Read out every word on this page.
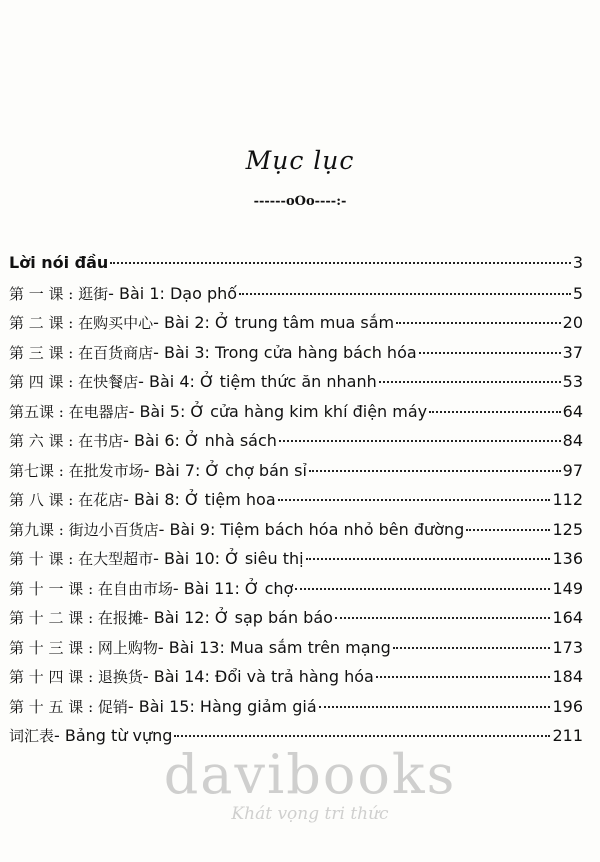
Mục lục
------oOo----:-
Lời nói đầu	3
第 一 课 : 逛街 - Bài 1: Dạo phố	5
第 二 课 : 在购买中心 - Bài 2: Ở trung tâm mua sắm	20
第 三 课 : 在百货商店 - Bài 3: Trong cửa hàng bách hóa	37
第 四 课 : 在快餐店 - Bài 4: Ở tiệm thức ăn nhanh	53
第五课 : 在电器店 - Bài 5: Ở cửa hàng kim khí điện máy	64
第 六 课 : 在书店 - Bài 6: Ở nhà sách	84
第七课 : 在批发市场 - Bài 7: Ở chợ bán sỉ	97
第 八 课 : 在花店 - Bài 8: Ở tiệm hoa	112
第九课 : 街边小百货店 - Bài 9: Tiệm bách hóa nhỏ bên đường	125
第 十 课 : 在大型超市 - Bài 10: Ở siêu thị	136
第 十 一 课 : 在自由市场 - Bài 11: Ở chợ	149
第 十 二 课 : 在报摊 - Bài 12: Ở sạp bán báo	164
第 十 三 课 : 网上购物 - Bài 13: Mua sắm trên mạng	173
第 十 四 课 : 退换货 - Bài 14: Đổi và trả hàng hóa	184
第 十 五 课 : 促销 - Bài 15: Hàng giảm giá	196
词汇表 - Bảng từ vựng	211
davibooks
Khát vọng tri thức
